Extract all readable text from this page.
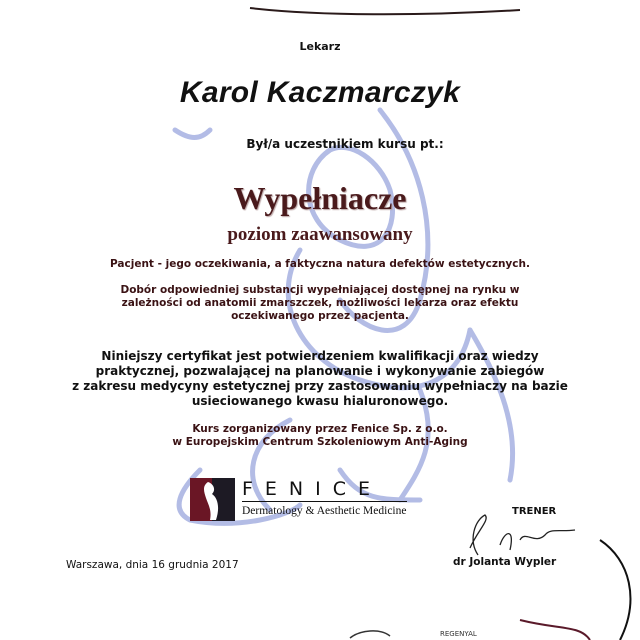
REGENYAL
Lekarz
Karol Kaczmarczyk
Był/a uczestnikiem kursu pt.:
Wypełniacze
poziom zaawansowany
Pacjent - jego oczekiwania, a faktyczna natura defektów estetycznych.
Dobór odpowiedniej substancji wypełniającej dostępnej na rynku w
zależności od anatomii zmarszczek, możliwości lekarza oraz efektu
oczekiwanego przez pacjenta.
Niniejszy certyfikat jest potwierdzeniem kwalifikacji oraz wiedzy
praktycznej, pozwalającej na planowanie i wykonywanie zabiegów
z zakresu medycyny estetycznej przy zastosowaniu wypełniaczy na bazie
usieciowanego kwasu hialuronowego.
Kurs zorganizowany przez Fenice Sp. z o.o.
w Europejskim Centrum Szkoleniowym Anti-Aging
FENICE
Dermatology & Aesthetic Medicine	TRENER
dr Jolanta Wypler
Warszawa, dnia 16 grudnia 2017
